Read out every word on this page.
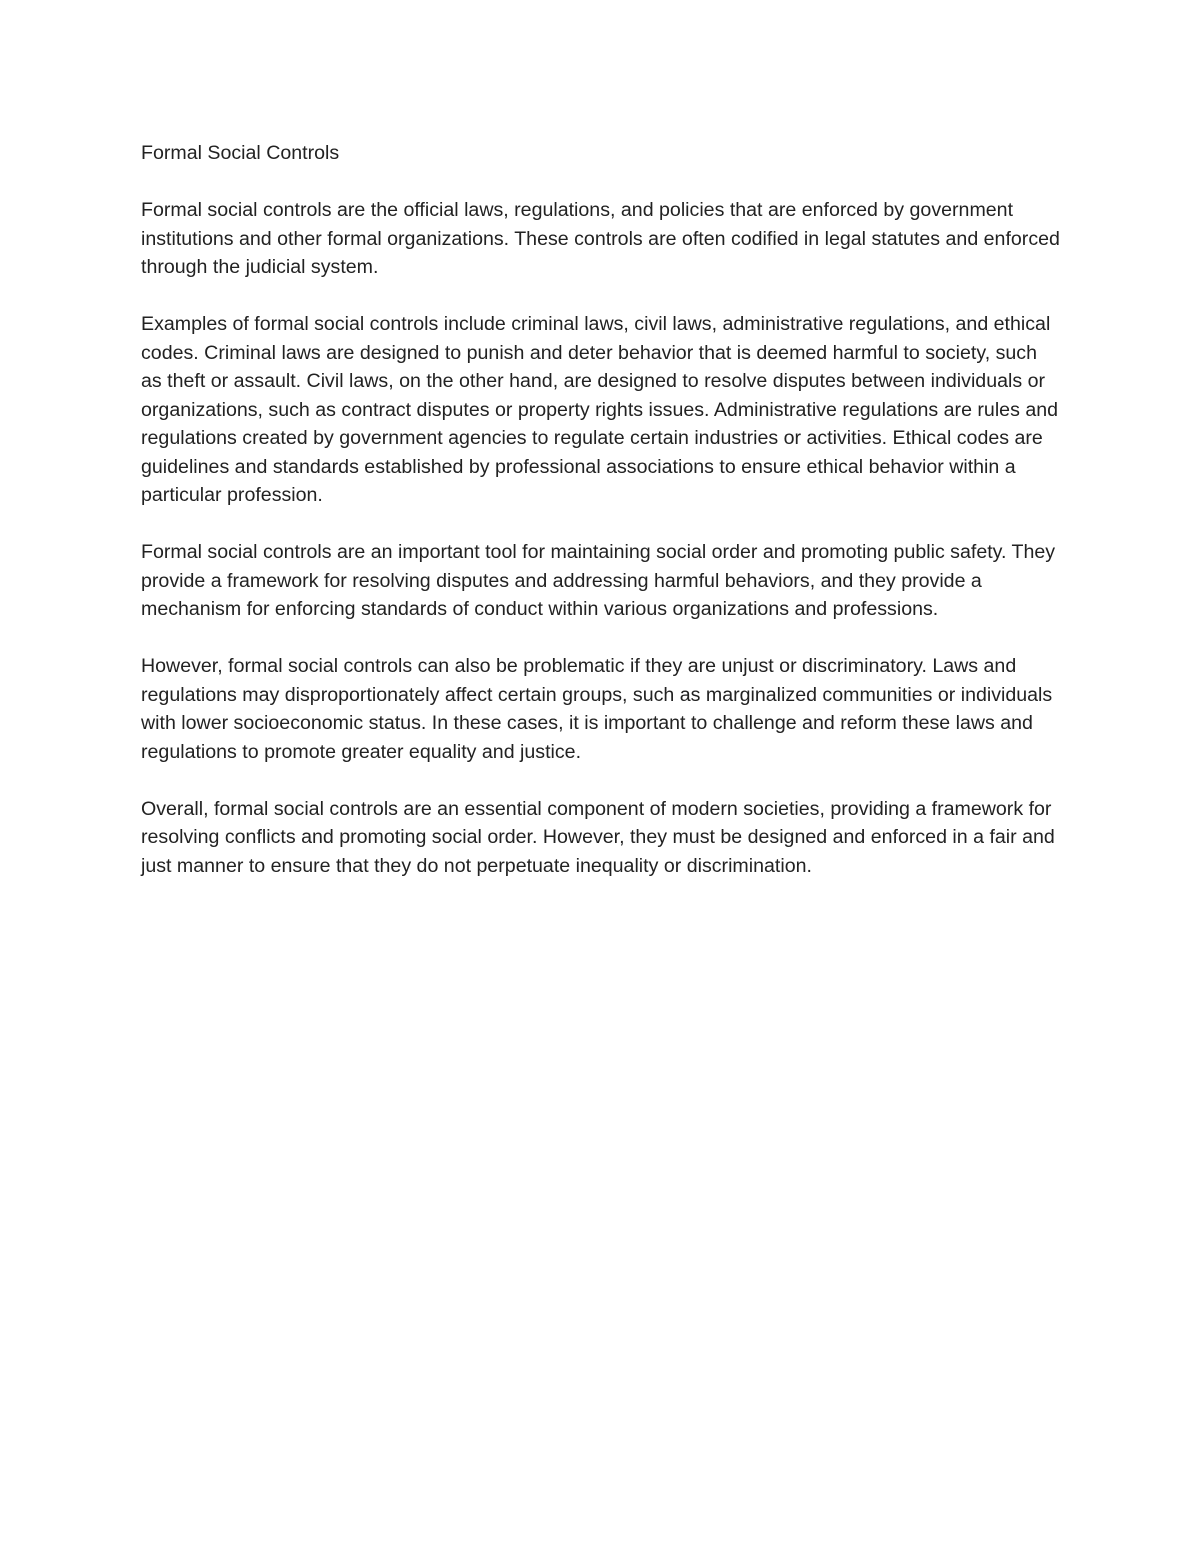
Formal Social Controls

Formal social controls are the official laws, regulations, and policies that are enforced by government institutions and other formal organizations. These controls are often codified in legal statutes and enforced through the judicial system.

Examples of formal social controls include criminal laws, civil laws, administrative regulations, and ethical codes. Criminal laws are designed to punish and deter behavior that is deemed harmful to society, such as theft or assault. Civil laws, on the other hand, are designed to resolve disputes between individuals or organizations, such as contract disputes or property rights issues. Administrative regulations are rules and regulations created by government agencies to regulate certain industries or activities. Ethical codes are guidelines and standards established by professional associations to ensure ethical behavior within a particular profession.

Formal social controls are an important tool for maintaining social order and promoting public safety. They provide a framework for resolving disputes and addressing harmful behaviors, and they provide a mechanism for enforcing standards of conduct within various organizations and professions.

However, formal social controls can also be problematic if they are unjust or discriminatory. Laws and regulations may disproportionately affect certain groups, such as marginalized communities or individuals with lower socioeconomic status. In these cases, it is important to challenge and reform these laws and regulations to promote greater equality and justice.

Overall, formal social controls are an essential component of modern societies, providing a framework for resolving conflicts and promoting social order. However, they must be designed and enforced in a fair and just manner to ensure that they do not perpetuate inequality or discrimination.
